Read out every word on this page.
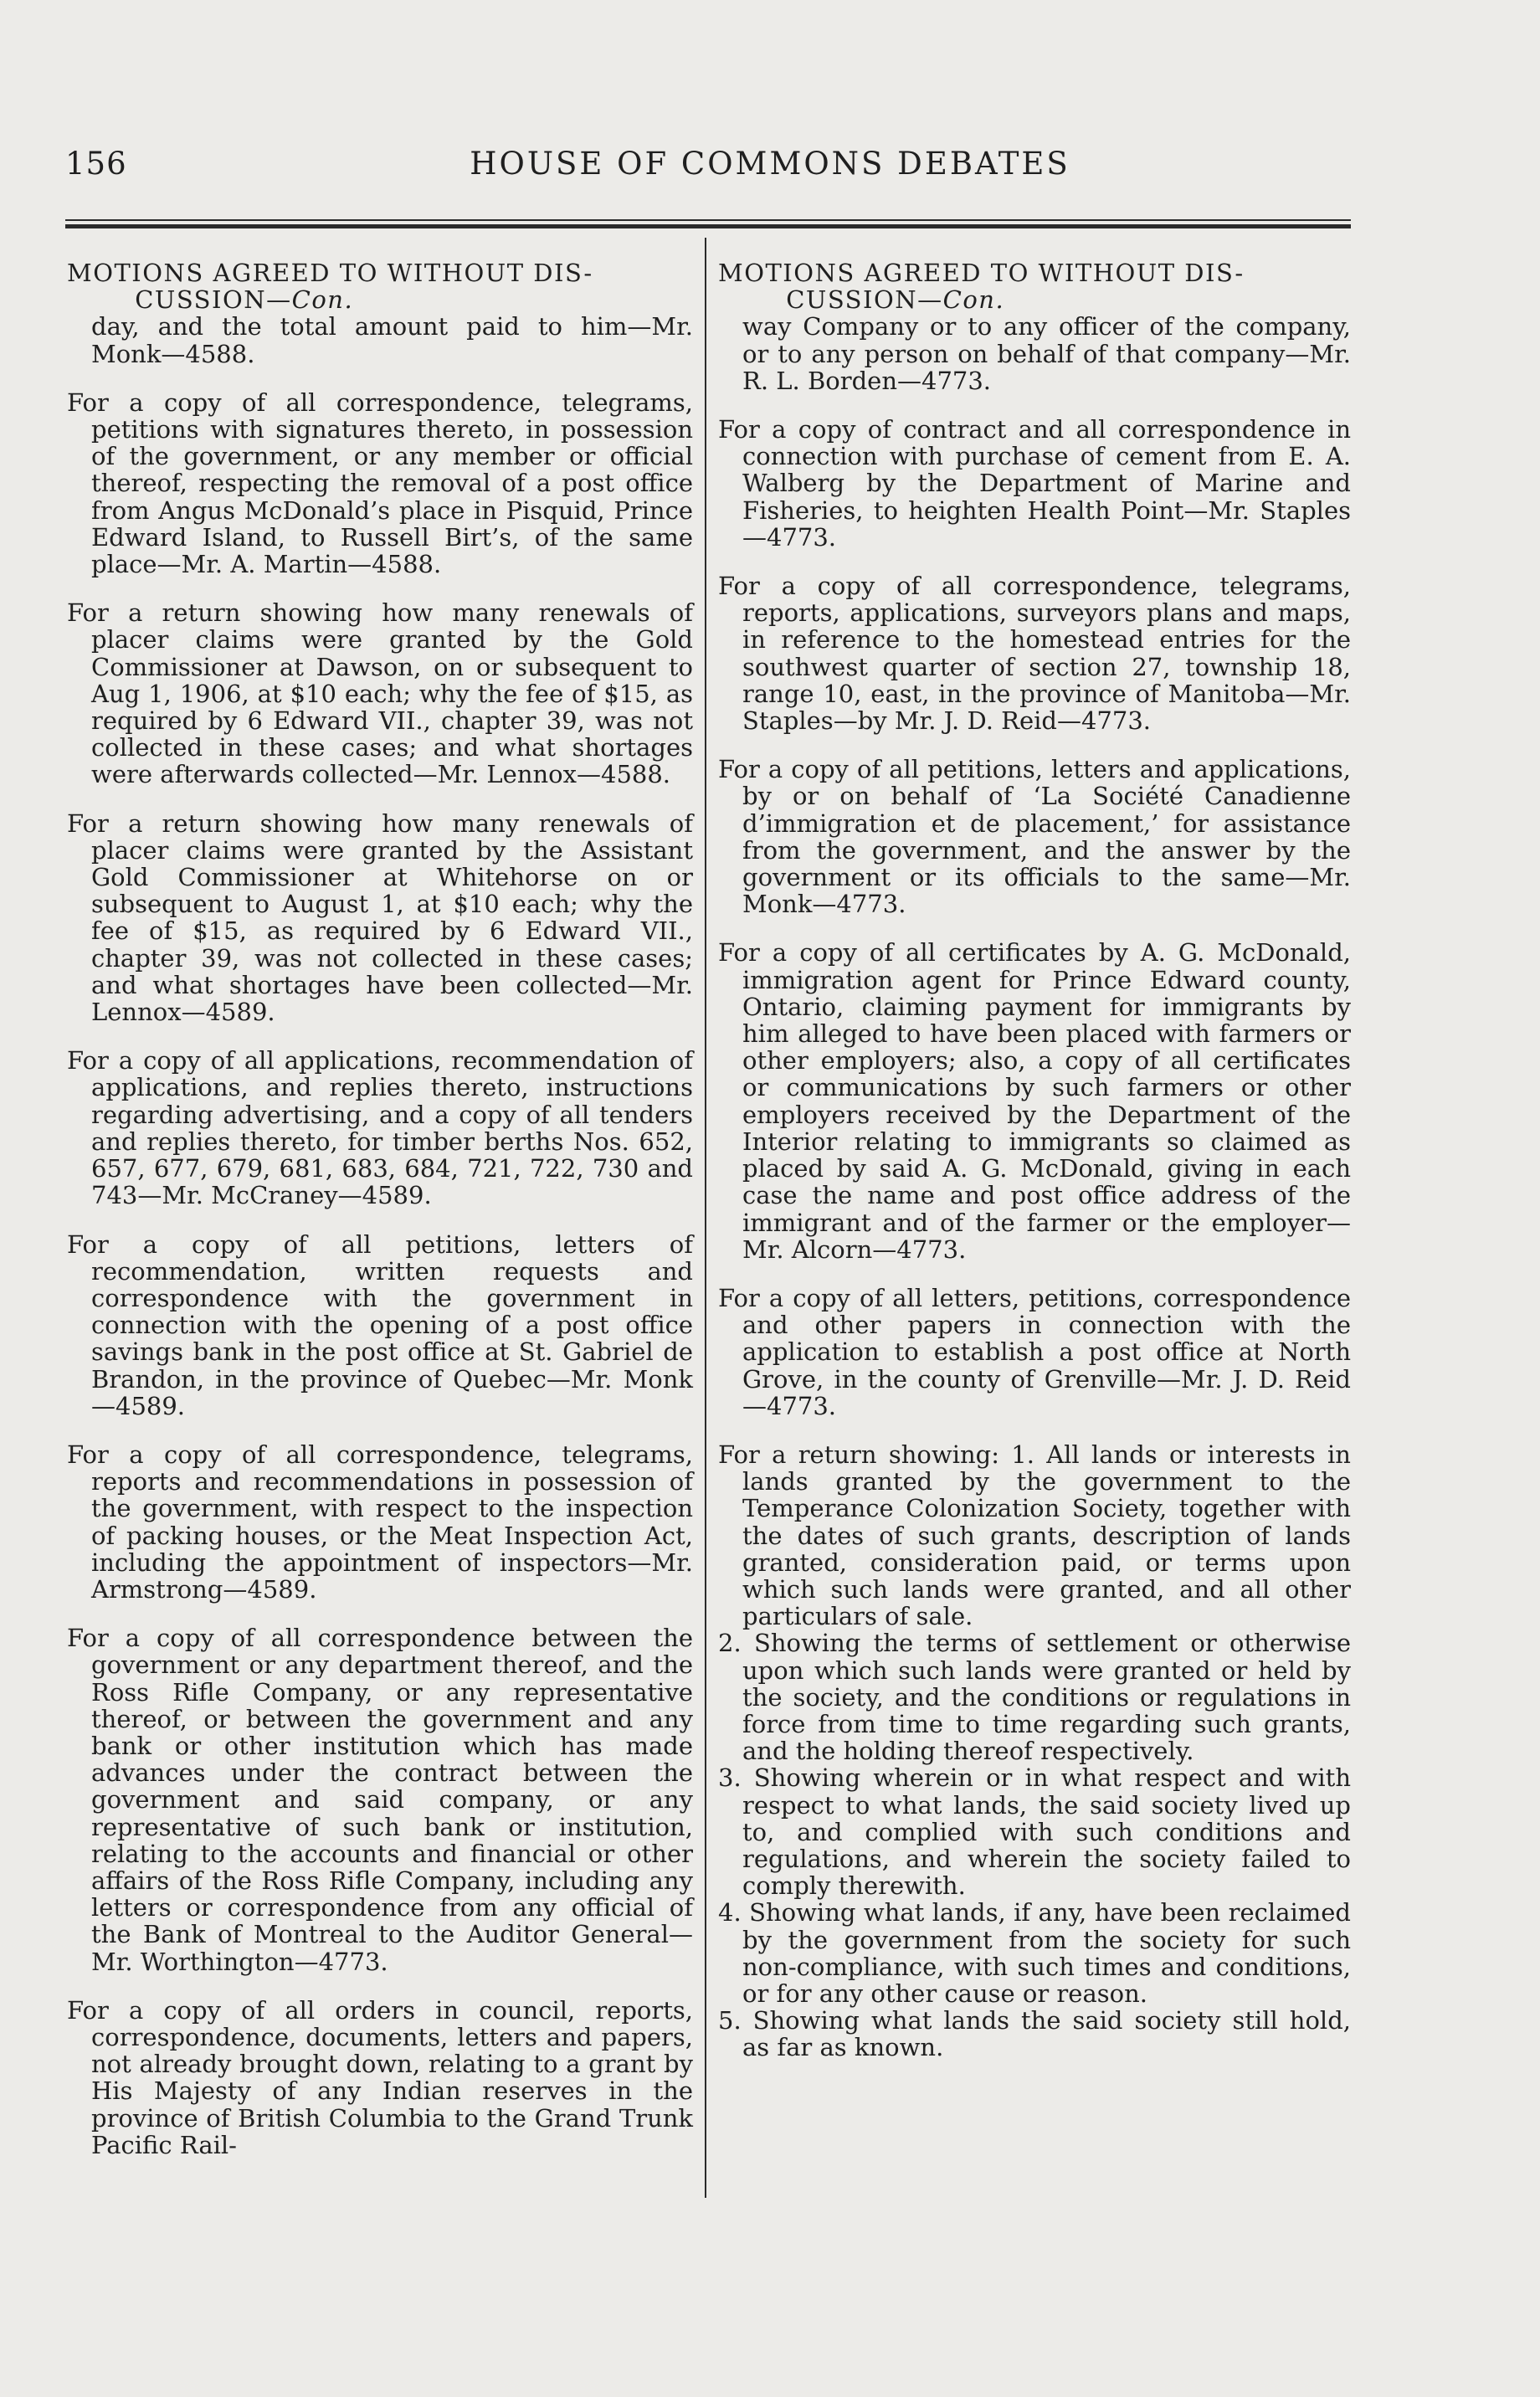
156	HOUSE OF COMMONS DEBATES

MOTIONS AGREED TO WITHOUT DIS-CUSSION—Con.

day, and the total amount paid to him—Mr. Monk—4588.

For a copy of all correspondence, telegrams, petitions with signatures thereto, in possession of the government, or any member or official thereof, respecting the removal of a post office from Angus McDonald’s place in Pisquid, Prince Edward Island, to Russell Birt’s, of the same place—Mr. A. Martin—4588.

For a return showing how many renewals of placer claims were granted by the Gold Commissioner at Dawson, on or subsequent to Aug 1, 1906, at $10 each; why the fee of $15, as required by 6 Edward VII., chapter 39, was not collected in these cases; and what shortages were afterwards collected—Mr. Lennox—4588.

For a return showing how many renewals of placer claims were granted by the Assistant Gold Commissioner at Whitehorse on or subsequent to August 1, at $10 each; why the fee of $15, as required by 6 Edward VII., chapter 39, was not collected in these cases; and what shortages have been collected—Mr. Lennox—4589.

For a copy of all applications, recommendation of applications, and replies thereto, instructions regarding advertising, and a copy of all tenders and replies thereto, for timber berths Nos. 652, 657, 677, 679, 681, 683, 684, 721, 722, 730 and 743—Mr. McCraney—4589.

For a copy of all petitions, letters of recommendation, written requests and correspondence with the government in connection with the opening of a post office savings bank in the post office at St. Gabriel de Brandon, in the province of Quebec—Mr. Monk—4589.

For a copy of all correspondence, telegrams, reports and recommendations in possession of the government, with respect to the inspection of packing houses, or the Meat Inspection Act, including the appointment of inspectors—Mr. Armstrong—4589.

For a copy of all correspondence between the government or any department thereof, and the Ross Rifle Company, or any representative thereof, or between the government and any bank or other institution which has made advances under the contract between the government and said company, or any representative of such bank or institution, relating to the accounts and financial or other affairs of the Ross Rifle Company, including any letters or correspondence from any official of the Bank of Montreal to the Auditor General—Mr. Worthington—4773.

For a copy of all orders in council, reports, correspondence, documents, letters and papers, not already brought down, relating to a grant by His Majesty of any Indian reserves in the province of British Columbia to the Grand Trunk Pacific Rail-

MOTIONS AGREED TO WITHOUT DIS-CUSSION—Con.

way Company or to any officer of the company, or to any person on behalf of that company—Mr. R. L. Borden—4773.

For a copy of contract and all correspondence in connection with purchase of cement from E. A. Walberg by the Department of Marine and Fisheries, to heighten Health Point—Mr. Staples—4773.

For a copy of all correspondence, telegrams, reports, applications, surveyors plans and maps, in reference to the homestead entries for the southwest quarter of section 27, township 18, range 10, east, in the province of Manitoba—Mr. Staples—by Mr. J. D. Reid—4773.

For a copy of all petitions, letters and applications, by or on behalf of ‘La Société Canadienne d’immigration et de placement,’ for assistance from the government, and the answer by the government or its officials to the same—Mr. Monk—4773.

For a copy of all certificates by A. G. McDonald, immigration agent for Prince Edward county, Ontario, claiming payment for immigrants by him alleged to have been placed with farmers or other employers; also, a copy of all certificates or communications by such farmers or other employers received by the Department of the Interior relating to immigrants so claimed as placed by said A. G. McDonald, giving in each case the name and post office address of the immigrant and of the farmer or the employer—Mr. Alcorn—4773.

For a copy of all letters, petitions, correspondence and other papers in connection with the application to establish a post office at North Grove, in the county of Grenville—Mr. J. D. Reid—4773.

For a return showing: 1. All lands or interests in lands granted by the government to the Temperance Colonization Society, together with the dates of such grants, description of lands granted, consideration paid, or terms upon which such lands were granted, and all other particulars of sale.

2. Showing the terms of settlement or otherwise upon which such lands were granted or held by the society, and the conditions or regulations in force from time to time regarding such grants, and the holding thereof respectively.

3. Showing wherein or in what respect and with respect to what lands, the said society lived up to, and complied with such conditions and regulations, and wherein the society failed to comply therewith.

4. Showing what lands, if any, have been reclaimed by the government from the society for such non-compliance, with such times and conditions, or for any other cause or reason.

5. Showing what lands the said society still hold, as far as known.
